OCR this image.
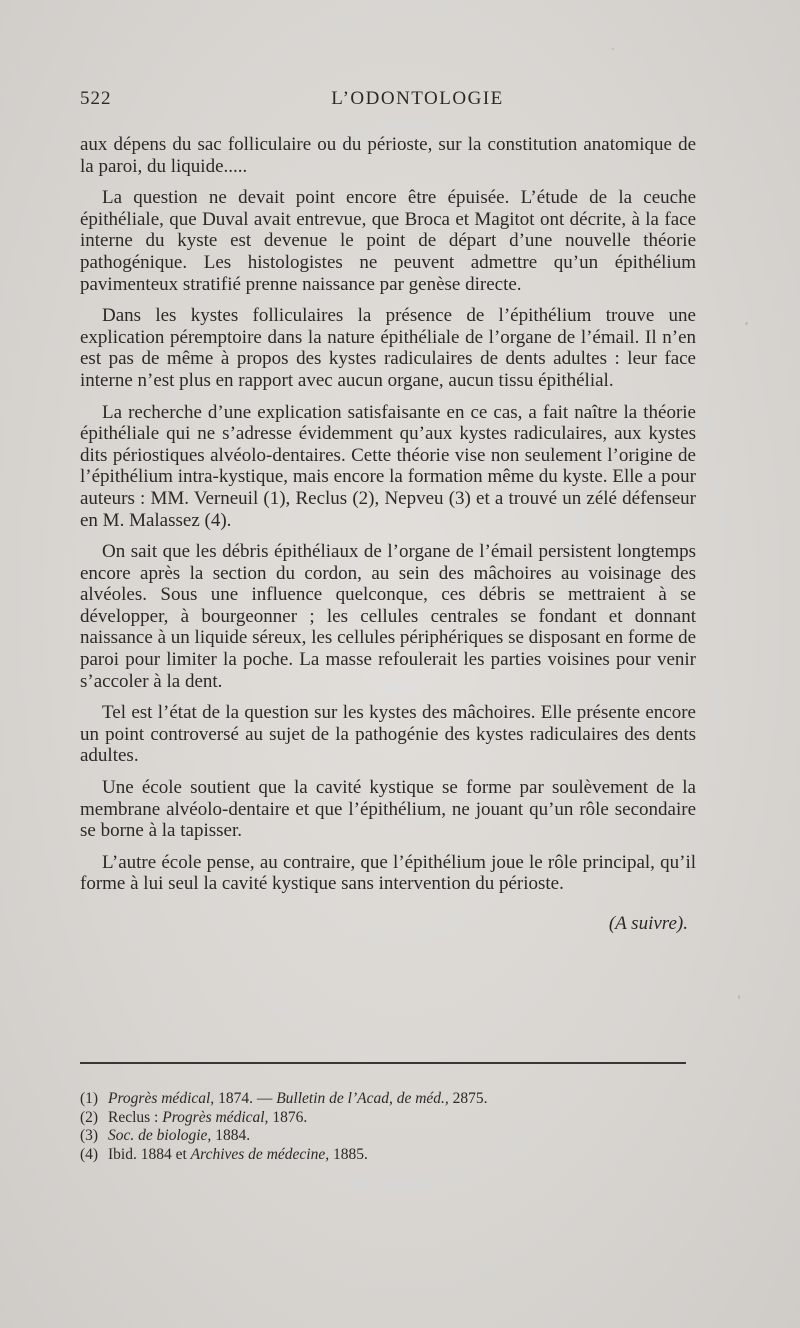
522	L’ODONTOLOGIE

aux dépens du sac folliculaire ou du périoste, sur la constitution anatomique de la paroi, du liquide.....

La question ne devait point encore être épuisée. L’étude de la ceuche épithéliale, que Duval avait entrevue, que Broca et Magitot ont décrite, à la face interne du kyste est devenue le point de départ d’une nouvelle théorie pathogénique. Les histologistes ne peuvent admettre qu’un épithélium pavimenteux stratifié prenne naissance par genèse directe.

Dans les kystes folliculaires la présence de l’épithélium trouve une explication péremptoire dans la nature épithéliale de l’organe de l’émail. Il n’en est pas de même à propos des kystes radiculaires de dents adultes : leur face interne n’est plus en rapport avec aucun organe, aucun tissu épithélial.

La recherche d’une explication satisfaisante en ce cas, a fait naître la théorie épithéliale qui ne s’adresse évidemment qu’aux kystes radiculaires, aux kystes dits périostiques alvéolo-dentaires. Cette théorie vise non seulement l’origine de l’épithélium intra-kystique, mais encore la formation même du kyste. Elle a pour auteurs : MM. Verneuil (1), Reclus (2), Nepveu (3) et a trouvé un zélé défenseur en M. Malassez (4).

On sait que les débris épithéliaux de l’organe de l’émail persistent longtemps encore après la section du cordon, au sein des mâchoires au voisinage des alvéoles. Sous une influence quelconque, ces débris se mettraient à se développer, à bourgeonner ; les cellules centrales se fondant et donnant naissance à un liquide séreux, les cellules périphériques se disposant en forme de paroi pour limiter la poche. La masse refoulerait les parties voisines pour venir s’accoler à la dent.

Tel est l’état de la question sur les kystes des mâchoires. Elle présente encore un point controversé au sujet de la pathogénie des kystes radiculaires des dents adultes.

Une école soutient que la cavité kystique se forme par soulèvement de la membrane alvéolo-dentaire et que l’épithélium, ne jouant qu’un rôle secondaire se borne à la tapisser.

L’autre école pense, au contraire, que l’épithélium joue le rôle principal, qu’il forme à lui seul la cavité kystique sans intervention du périoste.

(A suivre).

(1) Progrès médical, 1874. — Bulletin de l’Acad, de méd., 2875.

(2) Reclus : Progrès médical, 1876.

(3) Soc. de biologie, 1884.

(4) Ibid. 1884 et Archives de médecine, 1885.
